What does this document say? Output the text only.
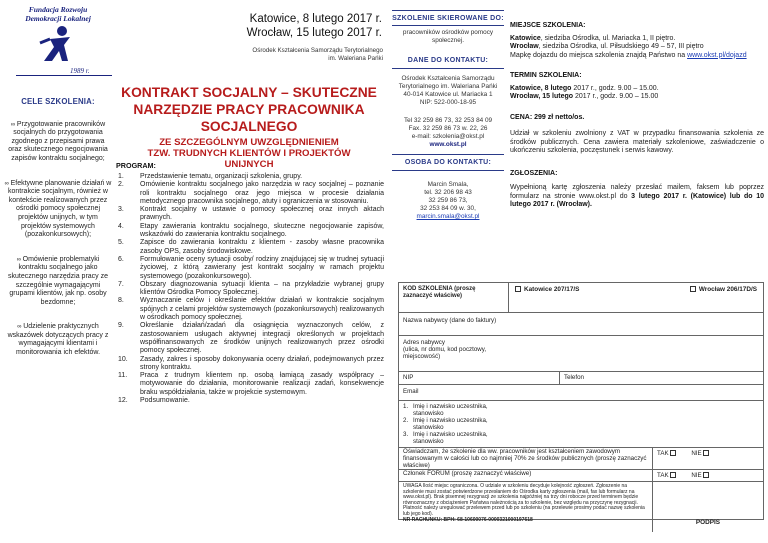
Fundacja Rozwoju Demokracji Lokalnej
1989 r.
Katowice, 8 lutego 2017 r.
Wrocław, 15 lutego 2017 r.
Ośrodek Kształcenia Samorządu Terytorialnego
im. Waleriana Pańki
CELE SZKOLENIA:
∞ Przygotowanie pracowników socjalnych do przygotowania zgodnego z przepisami prawa oraz skutecznego negocjowania zapisów kontraktu socjalnego;
∞ Efektywne planowanie działań w kontrakcie socjalnym, również w kontekście realizowanych przez ośrodki pomocy społecznej projektów unijnych, w tym projektów systemowych (pozakonkursowych);
∞ Omówienie problematyki kontraktu socjalnego jako skutecznego narzędzia pracy ze szczególnie wymagającymi grupami klientów, jak np. osoby bezdomne;
∞ Udzielenie praktycznych wskazówek dotyczących pracy z wymagającymi klientami i monitorowania ich efektów.
KONTRAKT SOCJALNY – SKUTECZNE
NARZĘDZIE PRACY PRACOWNIKA
SOCJALNEGO
ZE SZCZEGÓLNYM UWZGLĘDNIENIEM
TZW. TRUDNYCH KLIENTÓW I PROJEKTÓW
UNIJNYCH
PROGRAM:
1.	Przedstawienie tematu, organizacji szkolenia, grupy.
2.	Omówienie kontraktu socjalnego jako narzędzia w racy socjalnej – poznanie roli kontraktu socjalnego oraz jego miejsca w procesie działania metodycznego pracownika socjalnego, atuty i ograniczenia w stosowaniu.
3.	Kontrakt socjalny w ustawie o pomocy społecznej oraz innych aktach prawnych.
4.	Etapy zawierania kontraktu socjalnego, skuteczne negocjowanie zapisów, wskazówki do zawierania kontraktu socjalnego.
5.	Zapisce do zawierania kontraktu z klientem - zasoby własne pracownika zasoby OPS, zasoby środowiskowe.
6.	Formułowanie oceny sytuacji osoby/ rodziny znajdującej się w trudnej sytuacji życiowej, z którą zawierany jest kontrakt socjalny w ramach projektu systemowego (pozakonkursowego).
7.	Obszary diagnozowania sytuacji klienta – na przykładzie wybranej grupy klientów Ośrodka Pomocy Społecznej.
8.	Wyznaczanie celów i określanie efektów działań w kontrakcie socjalnym spójnych z celami projektów systemowych (pozakonkursowych) realizowanych w ośrodkach pomocy społecznej.
9.	Określanie działań/zadań dla osiągnięcia wyznaczonych celów, z zastosowaniem usługach aktywnej integracji określonych w projektach współfinansowanych ze środków unijnych realizowanych przez ośrodki pomocy społecznej.
10.	Zasady, zakres i sposoby dokonywania oceny działań, podejmowanych przez strony kontraktu.
11.	Praca z trudnym klientem np. osobą łamiącą zasady współpracy – motywowanie do działania, monitorowanie realizacji zadań, konsekwencje braku współdziałania, także w projekcie systemowym.
12.	Podsumowanie.
SZKOLENIE SKIEROWANE DO:
pracowników ośrodków pomocy społecznej.
DANE DO KONTAKTU:
Ośrodek Kształcenia Samorządu Terytorialnego im. Waleriana Pańki
40-014 Katowice ul. Mariacka 1
NIP: 522-000-18-95
Tel 32 259 86 73, 32 253 84 09
Fax. 32 259 86 73 w. 22, 26
e-mail: szkolenia@okst.pl
www.okst.pl
OSOBA DO KONTAKTU:
Marcin Smala,
tel. 32 206 98 43
32 259 86 73,
32 253 84 09 w. 30,
marcin.smala@okst.pl
MIEJSCE SZKOLENIA:
Katowice, siedziba Ośrodka, ul. Mariacka 1, II piętro.
Wrocław, siedziba Ośrodka, ul. Piłsudskiego 49 – 57, III piętro
Mapkę dojazdu do miejsca szkolenia znajdą Państwo na www.okst.pl/dojazd
TERMIN SZKOLENIA:
Katowice, 8 lutego 2017 r., godz. 9.00 – 15.00.
Wrocław, 15 lutego 2017 r., godz. 9.00 – 15.00
CENA: 299 zł netto/os.
Udział w szkoleniu zwolniony z VAT w przypadku finansowania szkolenia ze środków publicznych. Cena zawiera materiały szkoleniowe, zaświadczenie o ukończeniu szkolenia, poczęstunek i serwis kawowy.
ZGŁOSZENIA:
Wypełnioną kartę zgłoszenia należy przesłać mailem, faksem lub poprzez formularz na stronie www.okst.pl do 3 lutego 2017 r. (Katowice) lub do 10 lutego 2017 r. (Wrocław).
KOD SZKOLENIA (proszę zaznaczyć właściwe)
Katowice 207/17/S	Wrocław 206/17D/S
Nazwa nabywcy (dane do faktury)
Adres nabywcy
(ulica, nr domu, kod pocztowy,
miejscowość)
NIP	Telefon
Email
1. Imię i nazwisko uczestnika,
stanowisko
2. Imię i nazwisko uczestnika,
stanowisko
3. Imię i nazwisko uczestnika,
stanowisko
Oświadczam, że szkolenie dla ww. pracowników jest kształceniem zawodowym finansowanym w całości lub co najmniej 70% ze środków publicznych (proszę zaznaczyć właściwe)
TAK	NIE
Członek FORUM (proszę zaznaczyć właściwe)	TAK	NIE
UWAGA Ilość miejsc ograniczona. O udziale w szkoleniu decyduje kolejność zgłoszeń. Zgłoszenie na szkolenie musi zostać potwierdzone przesłaniem do Ośrodka karty zgłoszenia (mail, fax lub formularz na www.okst.pl). Brak pisemnej rezygnacji ze szkolenia najpóźniej na trzy dni robocze przed terminem będzie równoznaczny z obciążeniem Państwa należnością za to szkolenie, bez względu na przyczynę rezygnacji. Płatność należy uregulować przelewem przed lub po szkoleniu (na przelewie prosimy podać nazwę szkolenia lub jego kod).
NR RACHUNKU: BPH: 68-10600076-0000321000197618	PODPIS
